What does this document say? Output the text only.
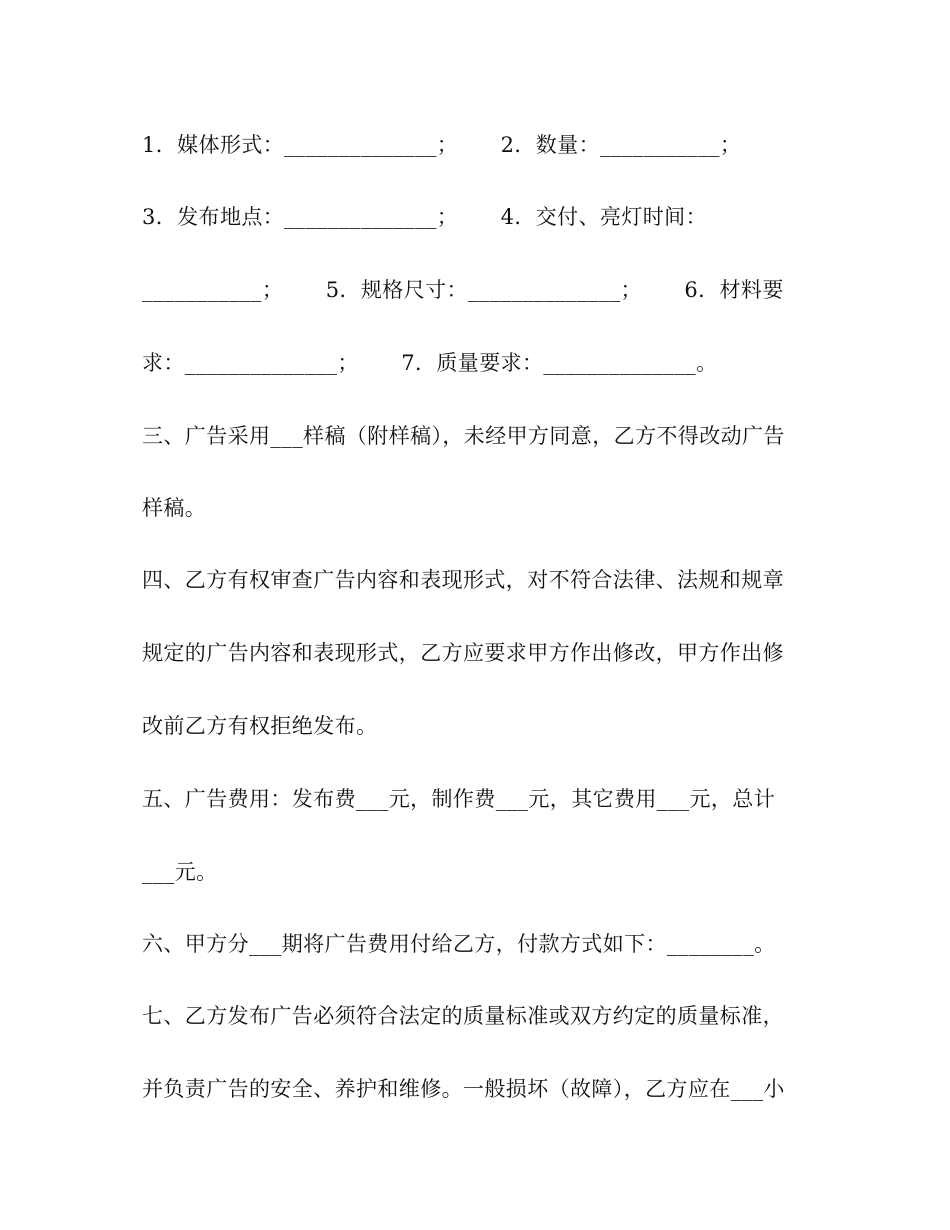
1．媒体形式：______________；      2．数量：___________；
3．发布地点：______________；      4．交付、亮灯时间：
___________；      5．规格尺寸：______________；      6．材料要
求：______________；      7．质量要求：______________。
三、广告采用___样稿（附样稿），未经甲方同意，乙方不得改动广告
样稿。
四、乙方有权审查广告内容和表现形式，对不符合法律、法规和规章
规定的广告内容和表现形式，乙方应要求甲方作出修改，甲方作出修
改前乙方有权拒绝发布。
五、广告费用：发布费___元，制作费___元，其它费用___元，总计
___元。
六、甲方分___期将广告费用付给乙方，付款方式如下：________。
七、乙方发布广告必须符合法定的质量标准或双方约定的质量标准，
并负责广告的安全、养护和维修。一般损坏（故障），乙方应在___小
